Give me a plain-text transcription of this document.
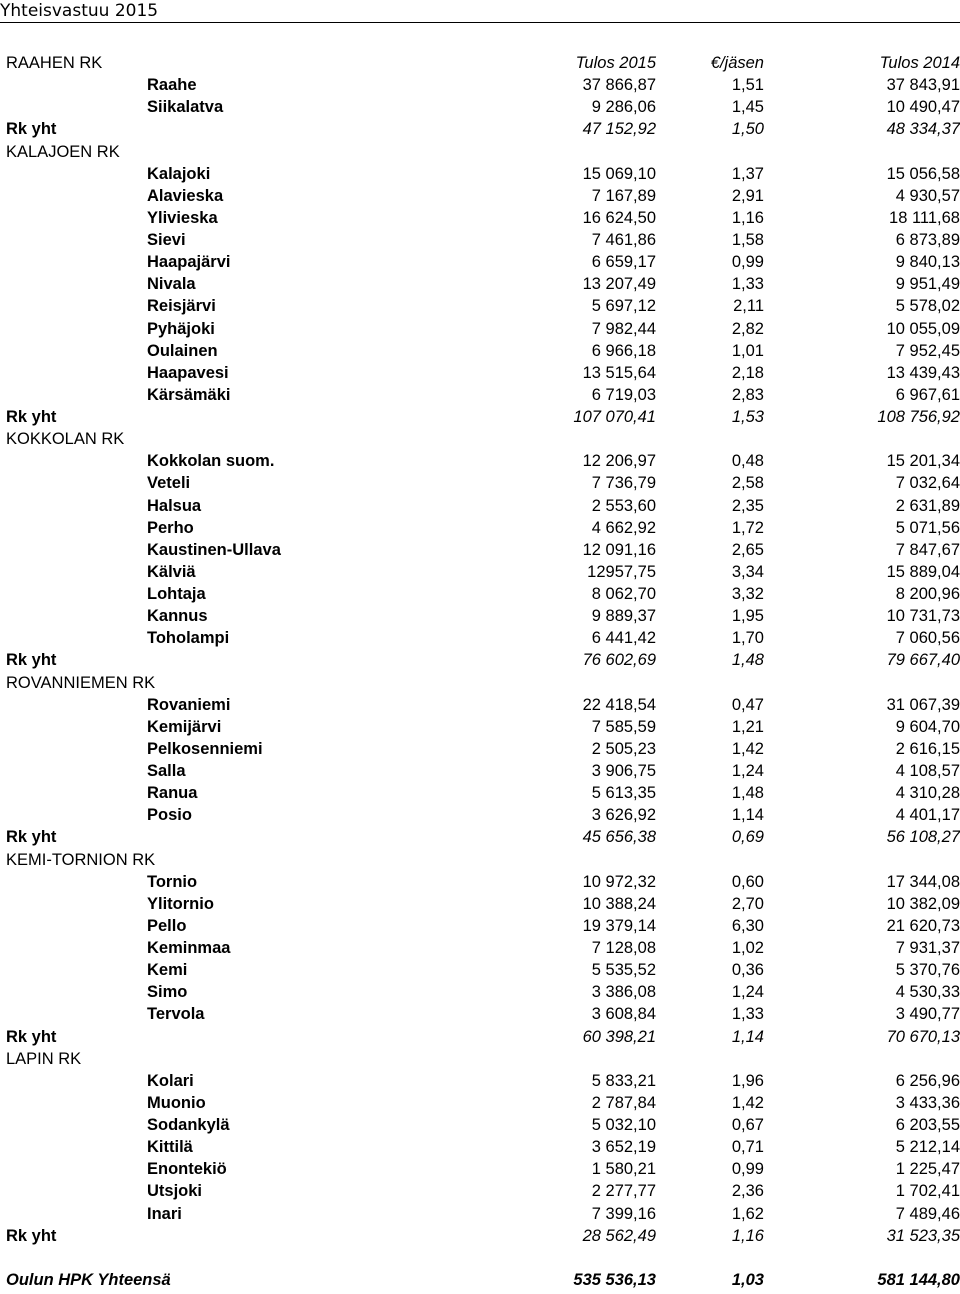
Yhteisvastuu 2015
RAAHEN RK		Tulos 2015	€/jäsen	Tulos 2014
	Raahe	37 866,87	1,51	37 843,91
	Siikalatva	9 286,06	1,45	10 490,47
Rk yht		47 152,92	1,50	48 334,37
KALAJOEN RK				
	Kalajoki	15 069,10	1,37	15 056,58
	Alavieska	7 167,89	2,91	4 930,57
	Ylivieska	16 624,50	1,16	18 111,68
	Sievi	7 461,86	1,58	6 873,89
	Haapajärvi	6 659,17	0,99	9 840,13
	Nivala	13 207,49	1,33	9 951,49
	Reisjärvi	5 697,12	2,11	5 578,02
	Pyhäjoki	7 982,44	2,82	10 055,09
	Oulainen	6 966,18	1,01	7 952,45
	Haapavesi	13 515,64	2,18	13 439,43
	Kärsämäki	6 719,03	2,83	6 967,61
Rk yht		107 070,41	1,53	108 756,92
KOKKOLAN RK				
	Kokkolan suom.	12 206,97	0,48	15 201,34
	Veteli	7 736,79	2,58	7 032,64
	Halsua	2 553,60	2,35	2 631,89
	Perho	4 662,92	1,72	5 071,56
	Kaustinen-Ullava	12 091,16	2,65	7 847,67
	Kälviä	12957,75	3,34	15 889,04
	Lohtaja	8 062,70	3,32	8 200,96
	Kannus	9 889,37	1,95	10 731,73
	Toholampi	6 441,42	1,70	7 060,56
Rk yht		76 602,69	1,48	79 667,40
ROVANNIEMEN RK				
	Rovaniemi	22 418,54	0,47	31 067,39
	Kemijärvi	7 585,59	1,21	9 604,70
	Pelkosenniemi	2 505,23	1,42	2 616,15
	Salla	3 906,75	1,24	4 108,57
	Ranua	5 613,35	1,48	4 310,28
	Posio	3 626,92	1,14	4 401,17
Rk yht		45 656,38	0,69	56 108,27
KEMI-TORNION RK				
	Tornio	10 972,32	0,60	17 344,08
	Ylitornio	10 388,24	2,70	10 382,09
	Pello	19 379,14	6,30	21 620,73
	Keminmaa	7 128,08	1,02	7 931,37
	Kemi	5 535,52	0,36	5 370,76
	Simo	3 386,08	1,24	4 530,33
	Tervola	3 608,84	1,33	3 490,77
Rk yht		60 398,21	1,14	70 670,13
LAPIN RK				
	Kolari	5 833,21	1,96	6 256,96
	Muonio	2 787,84	1,42	3 433,36
	Sodankylä	5 032,10	0,67	6 203,55
	Kittilä	3 652,19	0,71	5 212,14
	Enontekiö	1 580,21	0,99	1 225,47
	Utsjoki	2 277,77	2,36	1 702,41
	Inari	7 399,16	1,62	7 489,46
Rk yht		28 562,49	1,16	31 523,35

Oulun HPK Yhteensä		535 536,13	1,03	581 144,80
